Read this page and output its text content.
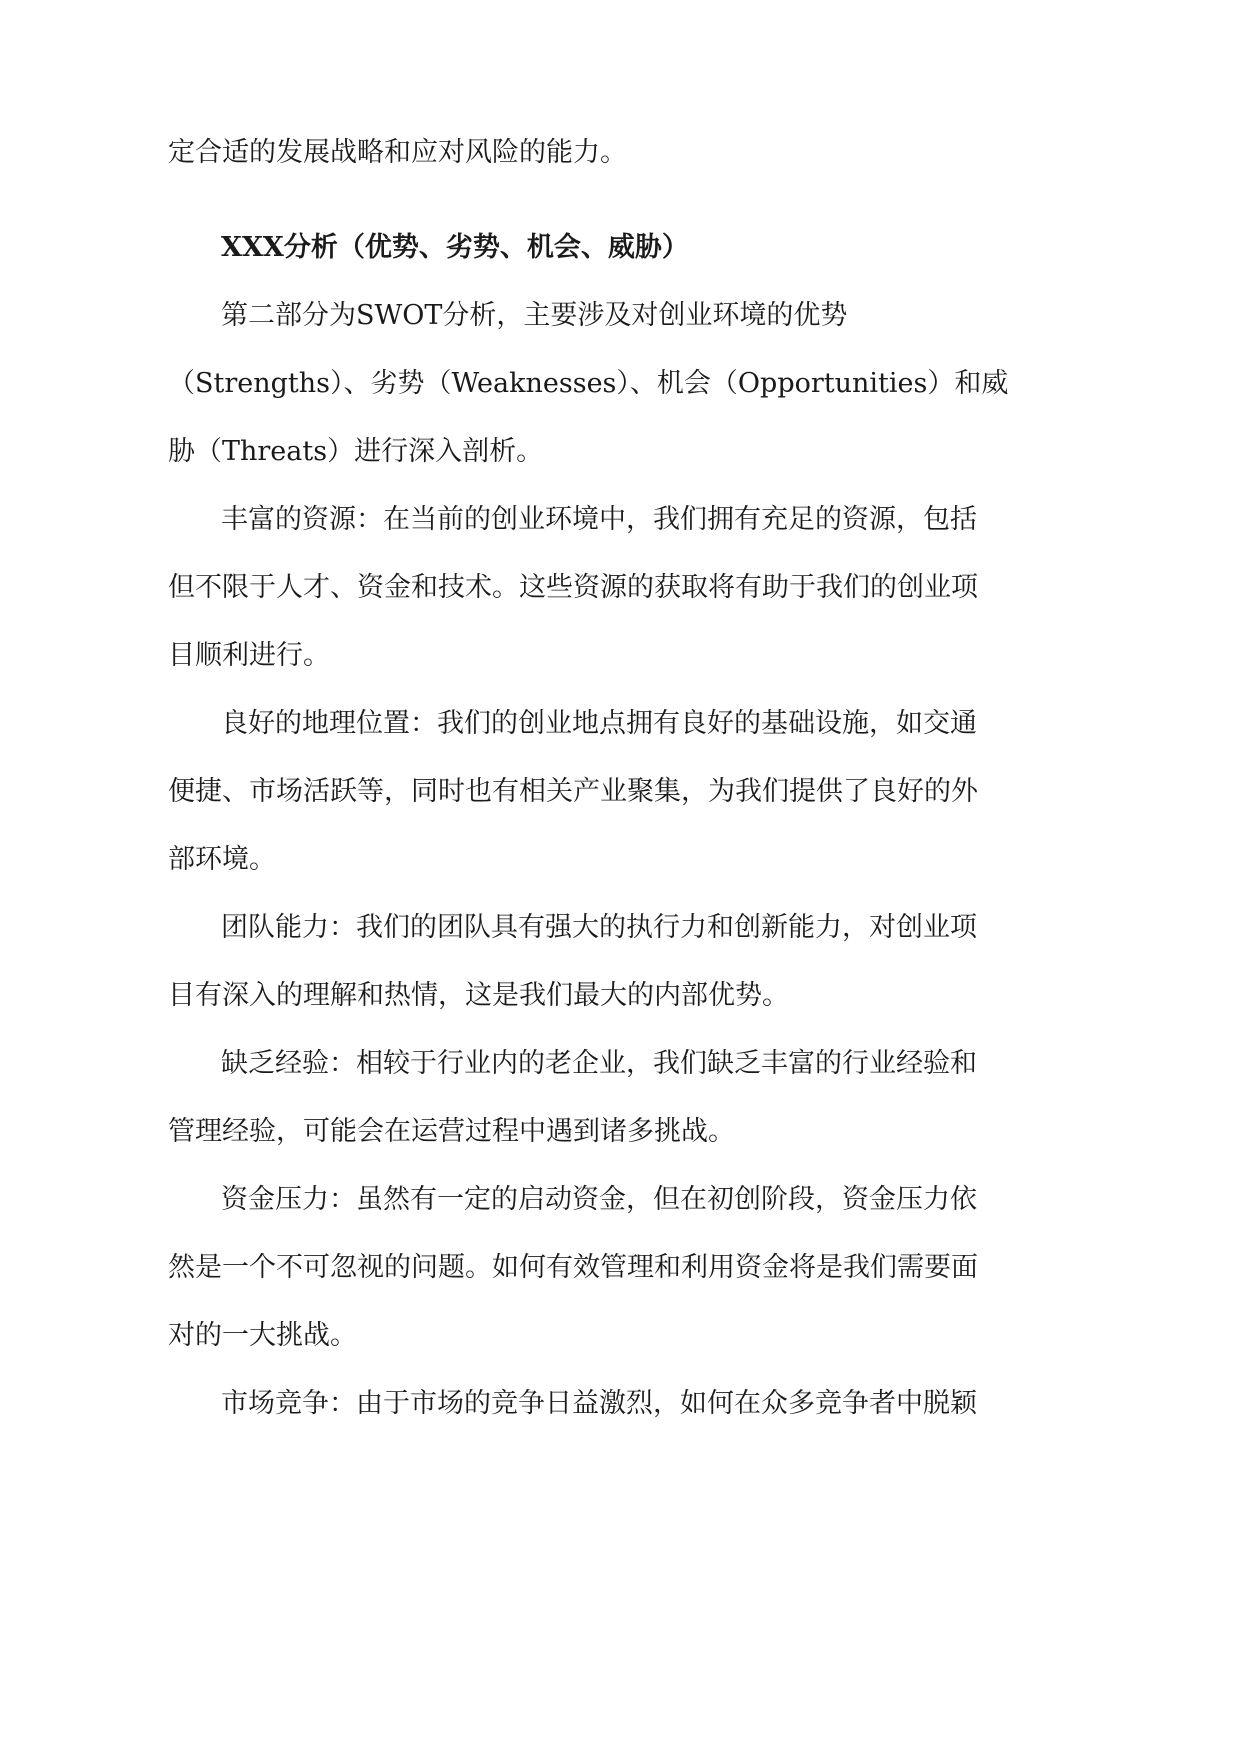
定合适的发展战略和应对风险的能力。

XXX分析（优势、劣势、机会、威胁）

第二部分为SWOT分析，主要涉及对创业环境的优势

（Strengths）、劣势（Weaknesses）、机会（Opportunities）和威

胁（Threats）进行深入剖析。

丰富的资源：在当前的创业环境中，我们拥有充足的资源，包括

但不限于人才、资金和技术。这些资源的获取将有助于我们的创业项

目顺利进行。

良好的地理位置：我们的创业地点拥有良好的基础设施，如交通

便捷、市场活跃等，同时也有相关产业聚集，为我们提供了良好的外

部环境。

团队能力：我们的团队具有强大的执行力和创新能力，对创业项

目有深入的理解和热情，这是我们最大的内部优势。

缺乏经验：相较于行业内的老企业，我们缺乏丰富的行业经验和

管理经验，可能会在运营过程中遇到诸多挑战。

资金压力：虽然有一定的启动资金，但在初创阶段，资金压力依

然是一个不可忽视的问题。如何有效管理和利用资金将是我们需要面

对的一大挑战。

市场竞争：由于市场的竞争日益激烈，如何在众多竞争者中脱颖
